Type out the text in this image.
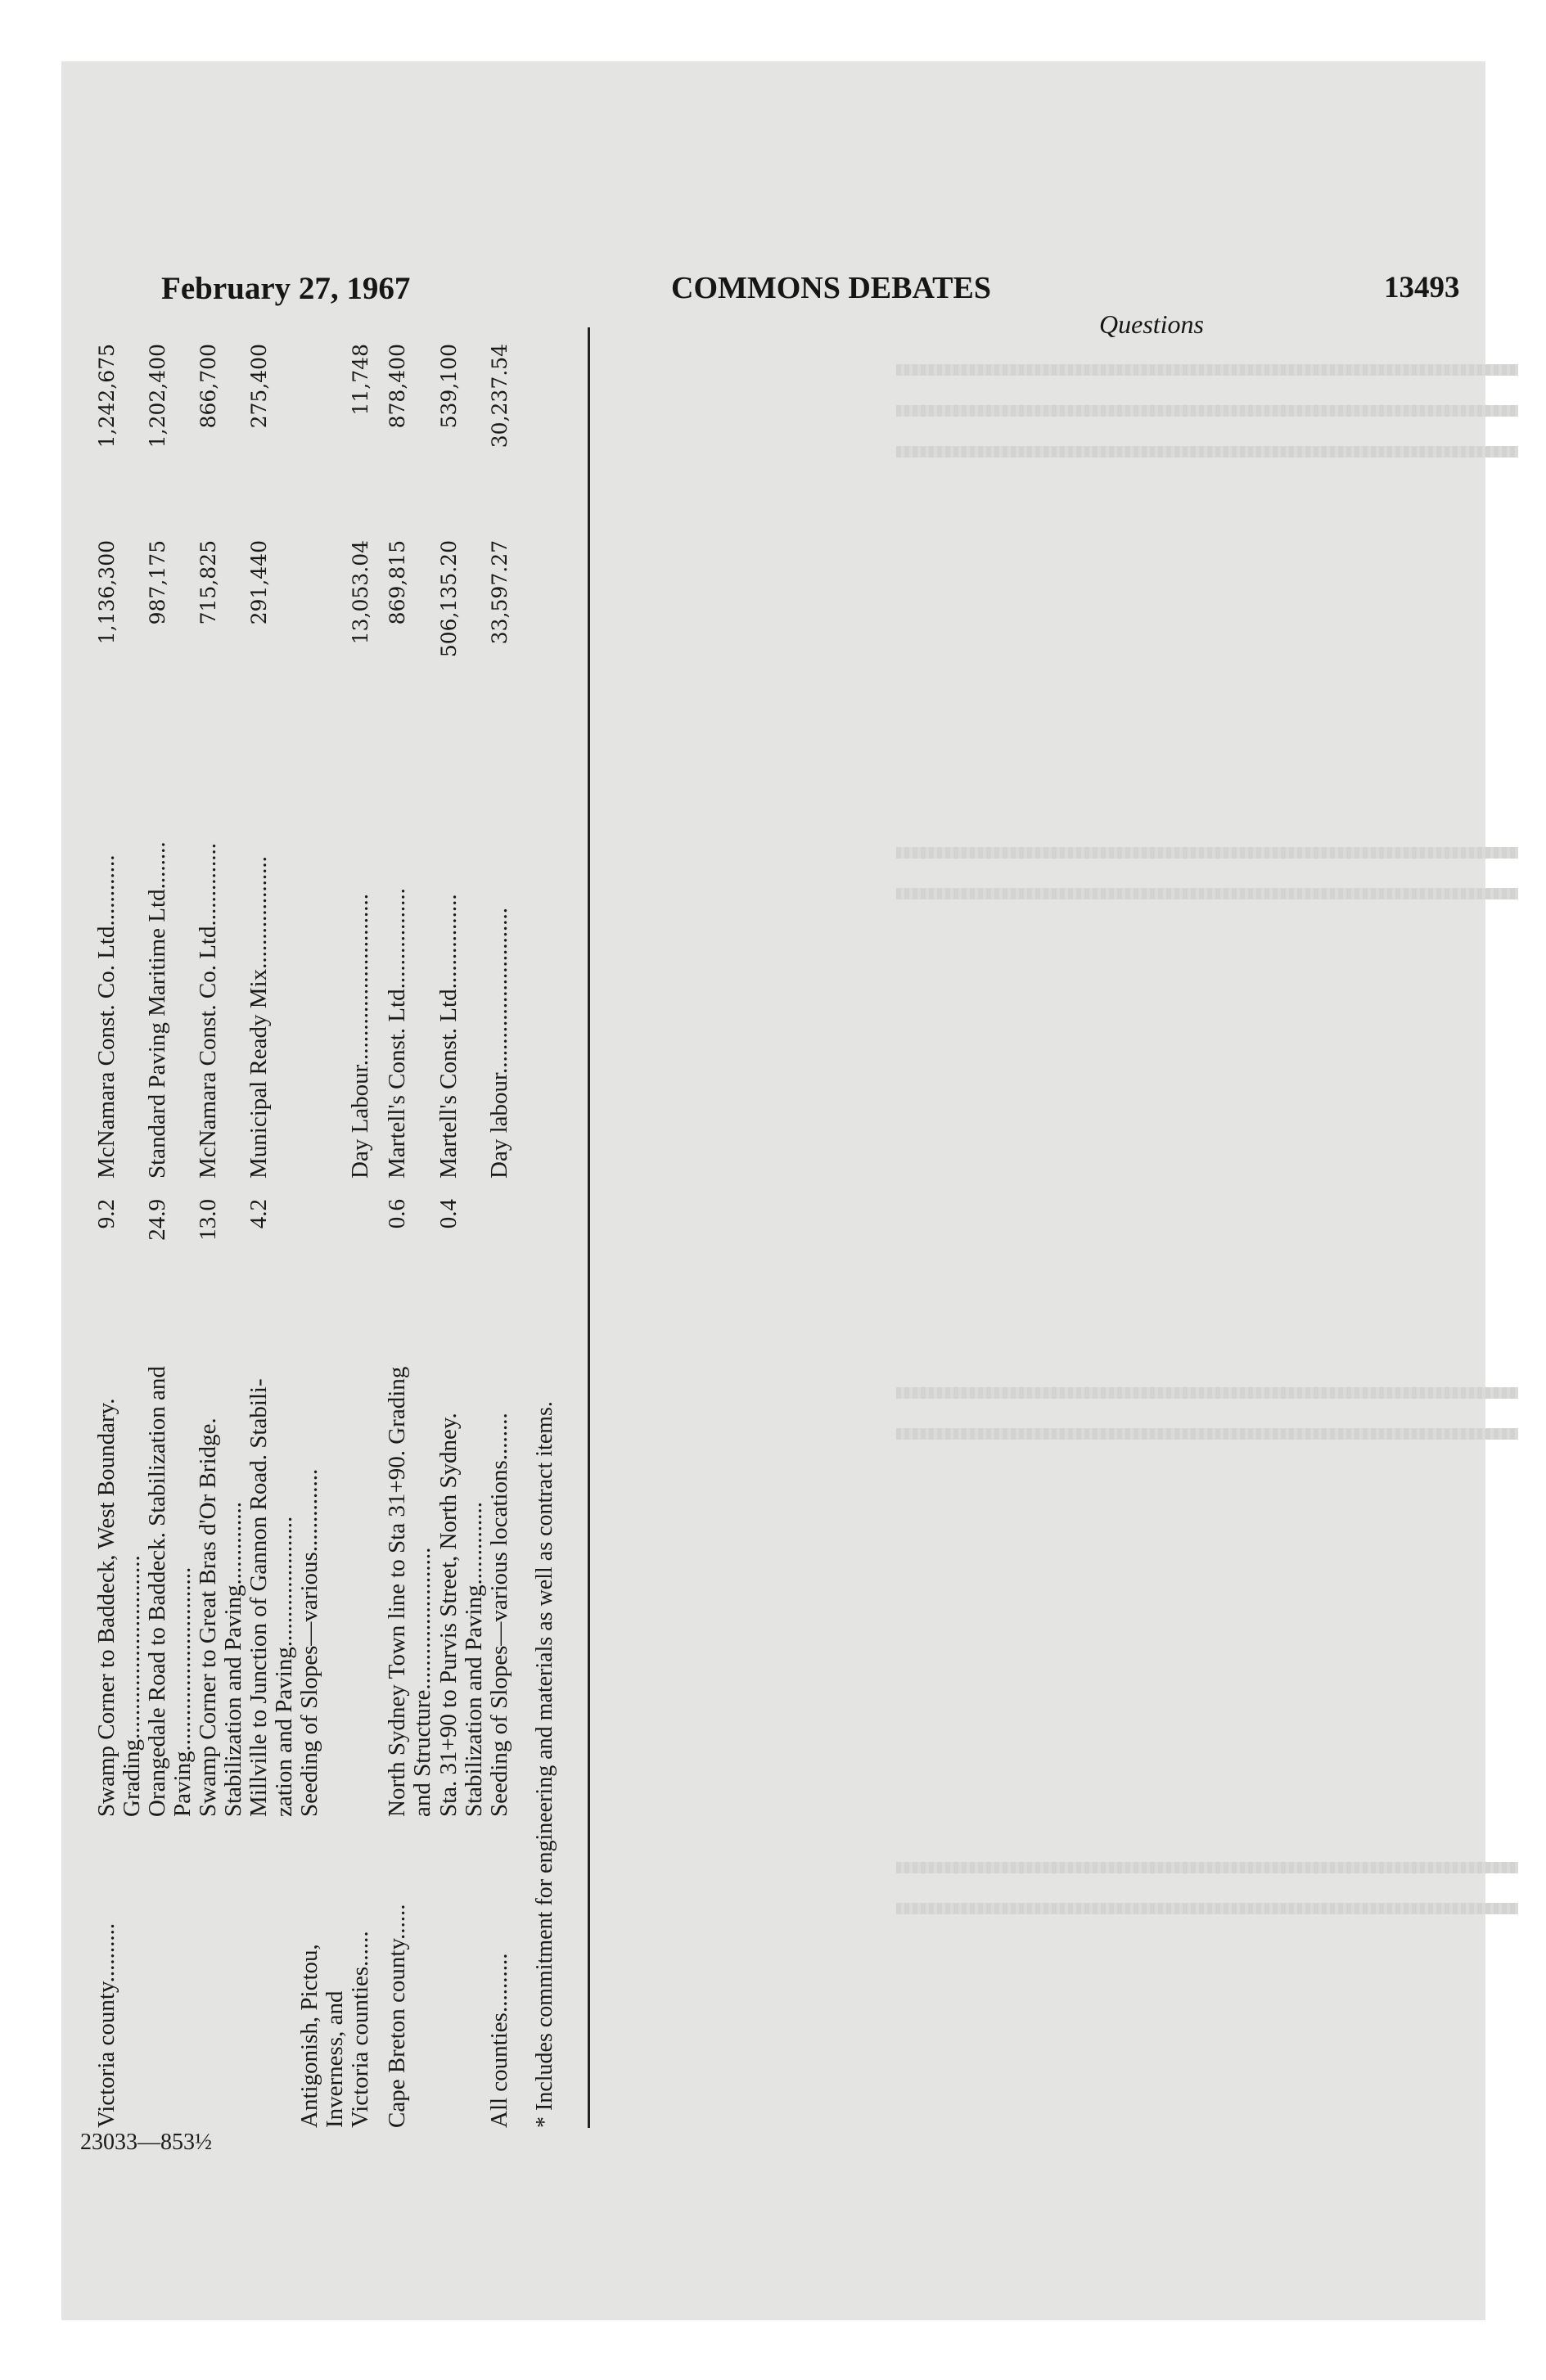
February 27, 1967	COMMONS DEBATES	13493
Questions
Victoria county..........
Swamp Corner to Baddeck, West Boundary. Grading...............................
9.2
McNamara Const. Co. Ltd............
1,136,300
1,242,675
Orangedale Road to Baddeck. Stabilization and Paving...............................
24.9
Standard Paving Maritime Ltd........
987,175
1,202,400
Swamp Corner to Great Bras d'Or Bridge. Stabilization and Paving..............
13.0
McNamara Const. Co. Ltd..............
715,825
866,700
Millville to Junction of Gannon Road. Stabili- zation and Paving......................
4.2
Municipal Ready Mix...................
291,440
275,400
Antigonish, Pictou, Inverness, and Victoria counties......
Seeding of Slopes—various..............
Day Labour.............................
13,053.04
11,748
Cape Breton county......
North Sydney Town line to Sta 31+90. Grading and Structure........................
0.6
Martell's Const. Ltd.................
869,815
878,400
Sta. 31+90 to Purvis Street, North Sydney. Stabilization and Paving..............
0.4
Martell's Const. Ltd................
506,135.20
539,100
All counties..........
Seeding of Slopes—various locations........
Day labour............................
33,597.27
30,237.54
* Includes commitment for engineering and materials as well as contract items.
23033—853½
